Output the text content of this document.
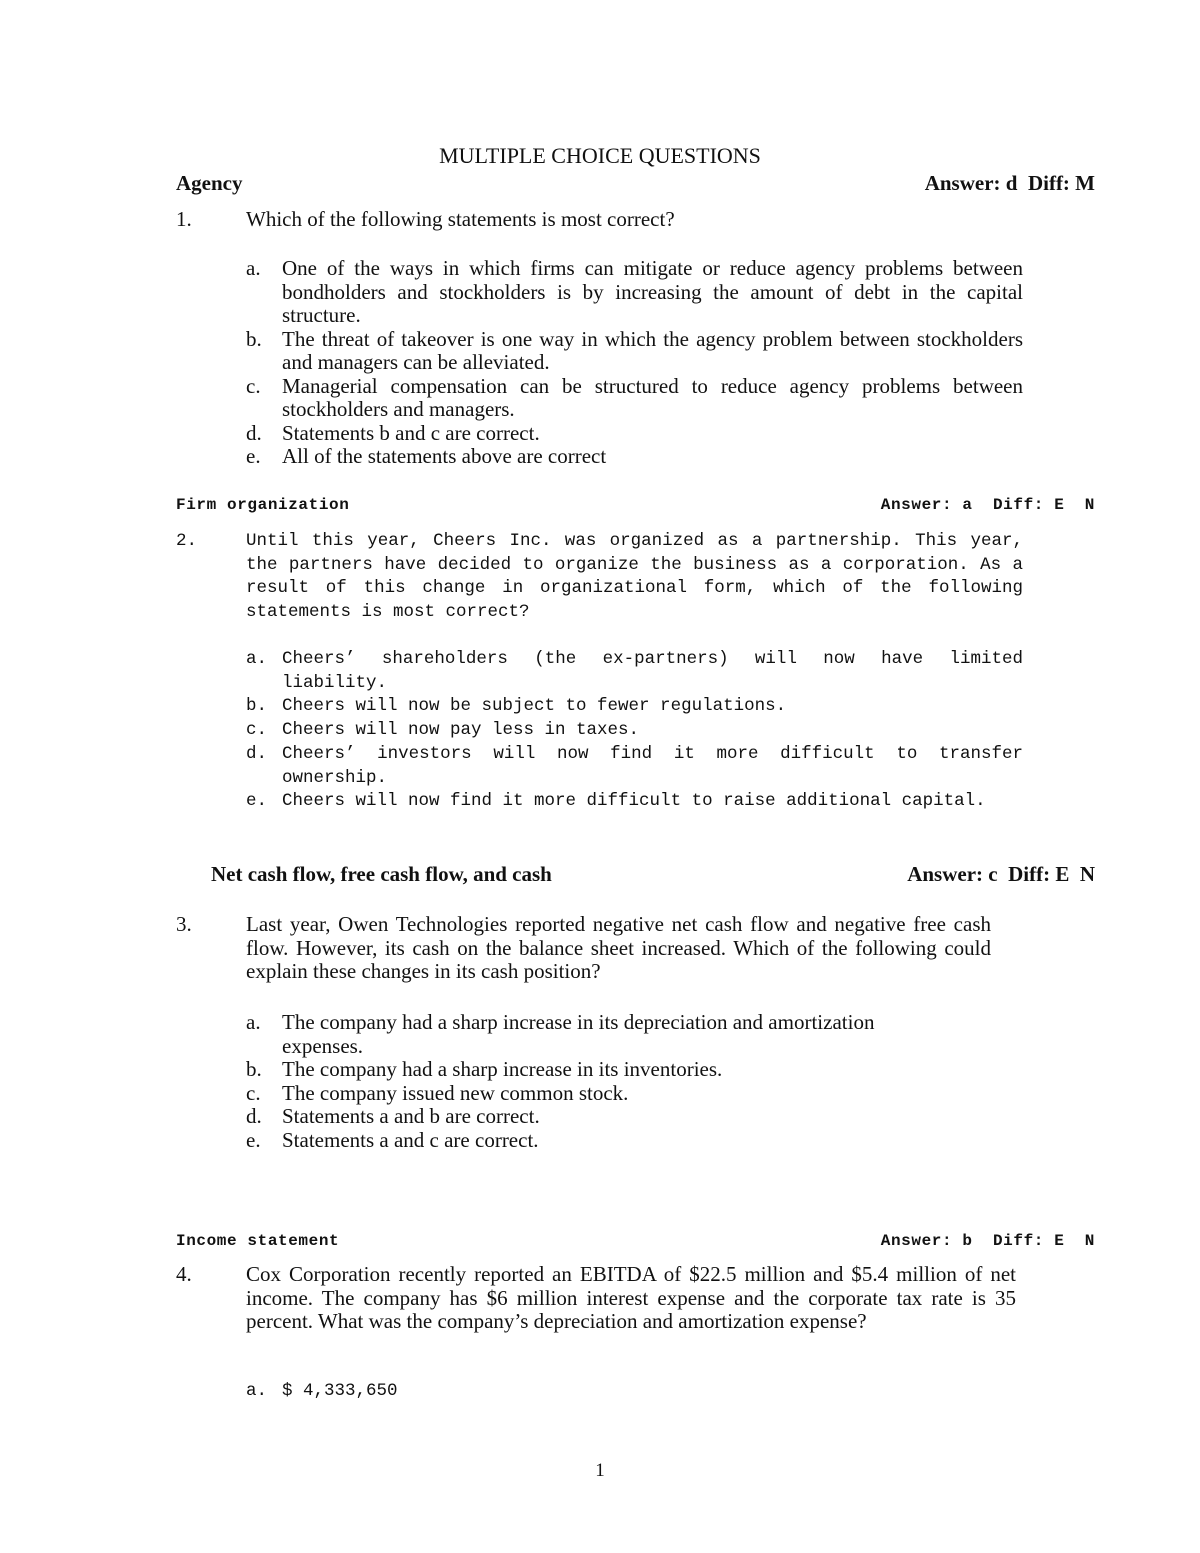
MULTIPLE CHOICE QUESTIONS
Agency	Answer: d  Diff: M
1.	Which of the following statements is most correct?
a.	One of the ways in which firms can mitigate or reduce agency problems between bondholders and stockholders is by increasing the amount of debt in the capital structure.
b. The threat of takeover is one way in which the agency problem between stockholders and managers can be alleviated.
c.	Managerial compensation can be structured to reduce agency problems between stockholders and managers.
d. Statements b and c are correct.
e.	All of the statements above are correct
Firm organization	Answer: a  Diff: E  N
2.	Until this year, Cheers Inc. was organized as a partnership. This year, the partners have decided to organize the business as a corporation. As a result of this change in organizational form, which of the following statements is most correct?
a. Cheers’ shareholders (the ex-partners) will now have limited liability.
b. Cheers will now be subject to fewer regulations.
c. Cheers will now pay less in taxes.
d. Cheers’ investors will now find it more difficult to transfer ownership.
e. Cheers will now find it more difficult to raise additional capital.
Net cash flow, free cash flow, and cash	Answer: c  Diff: E  N
3.	Last year, Owen Technologies reported negative net cash flow and negative free cash flow. However, its cash on the balance sheet increased. Which of the following could explain these changes in its cash position?
a.	The company had a sharp increase in its depreciation and amortization expenses.
b. The company had a sharp increase in its inventories.
c.	The company issued new common stock.
d. Statements a and b are correct.
e.	Statements a and c are correct.
Income statement	Answer: b  Diff: E  N
4.	Cox Corporation recently reported an EBITDA of $22.5 million and $5.4 million of net income. The company has $6 million interest expense and the corporate tax rate is 35 percent. What was the company’s depreciation and amortization expense?
a. $ 4,333,650
1
